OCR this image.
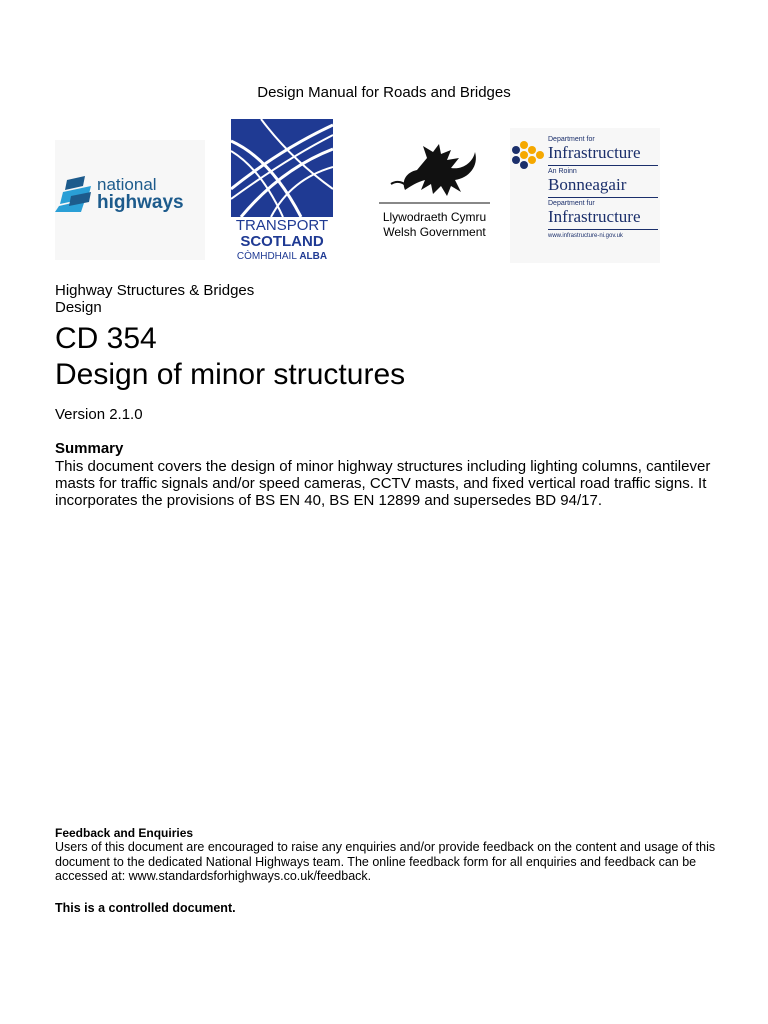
Design Manual for Roads and Bridges
national
highways
TRANSPORT
SCOTLAND
CÒMHDHAIL ALBA
Llywodraeth Cymru
Welsh Government
Department for
Infrastructure
An Roinn
Bonneagair
Department fur
Infrastructure
www.infrastructure-ni.gov.uk
Highway Structures & Bridges
Design
CD 354
Design of minor structures
Version 2.1.0
Summary
This document covers the design of minor highway structures including lighting columns, cantilever masts for traffic signals and/or speed cameras, CCTV masts, and fixed vertical road traffic signs. It incorporates the provisions of BS EN 40, BS EN 12899 and supersedes BD 94/17.
Feedback and Enquiries
Users of this document are encouraged to raise any enquiries and/or provide feedback on the content and usage of this document to the dedicated National Highways team. The online feedback form for all enquiries and feedback can be accessed at: www.standardsforhighways.co.uk/feedback.
This is a controlled document.
